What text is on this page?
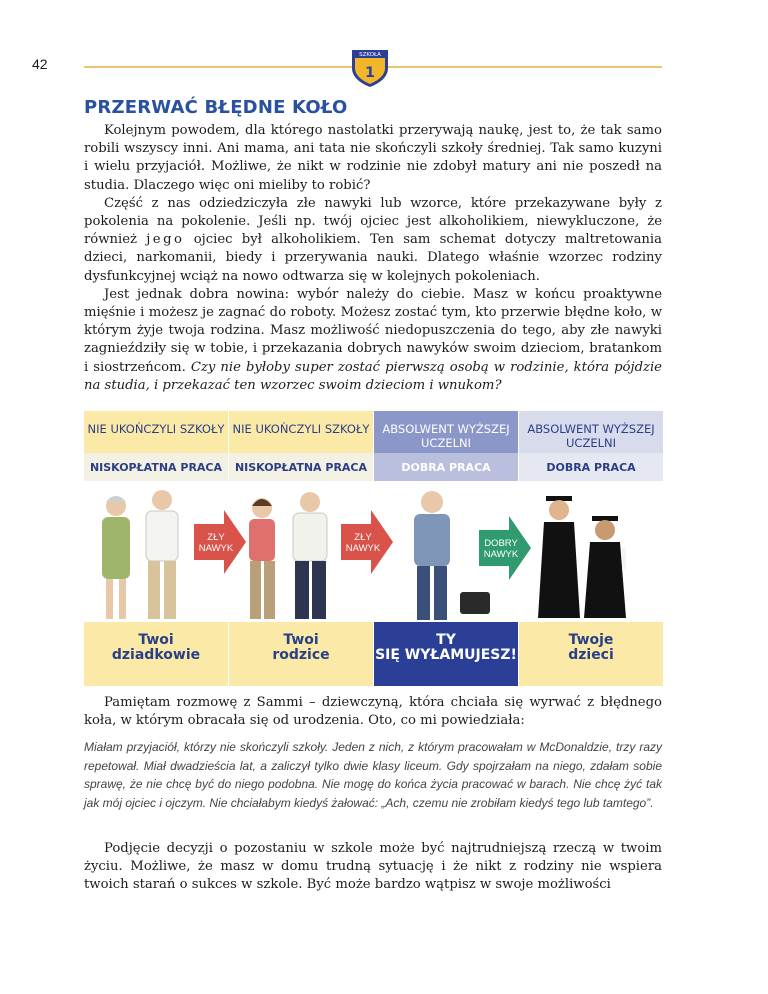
42
SZKOŁA
1
PRZERWAĆ BŁĘDNE KOŁO

Kolejnym powodem, dla którego nastolatki przerywają naukę, jest to, że tak samo robili wszyscy inni. Ani mama, ani tata nie skończyli szkoły średniej. Tak samo kuzyni i wielu przyjaciół. Możliwe, że nikt w rodzinie nie zdobył matury ani nie poszedł na studia. Dlaczego więc oni mieliby to robić?

Część z nas odziedziczyła złe nawyki lub wzorce, które przekazywane były z pokolenia na pokolenie. Jeśli np. twój ojciec jest alkoholikiem, niewykluczone, że również jego ojciec był alkoholikiem. Ten sam schemat dotyczy maltretowania dzieci, narkomanii, biedy i przerywania nauki. Dlatego właśnie wzorzec rodziny dysfunkcyjnej wciąż na nowo odtwarza się w kolejnych pokoleniach.

Jest jednak dobra nowina: wybór należy do ciebie. Masz w końcu proaktywne mięśnie i możesz je zagnać do roboty. Możesz zostać tym, kto przerwie błędne koło, w którym żyje twoja rodzina. Masz możliwość niedopuszczenia do tego, aby złe nawyki zagnieździły się w tobie, i przekazania dobrych nawyków swoim dzieciom, bratankom i siostrzeńcom. Czy nie byłoby super zostać pierwszą osobą w rodzinie, która pójdzie na studia, i przekazać ten wzorzec swoim dzieciom i wnukom?

NIE UKOŃCZYLI SZKOŁY
NISKOPŁATNA PRACA
Twoi
dziadkowie
NIE UKOŃCZYLI SZKOŁY
NISKOPŁATNA PRACA
Twoi
rodzice
ABSOLWENT WYŻSZEJ UCZELNI
DOBRA PRACA
TY
SIĘ WYŁAMUJESZ!
ABSOLWENT WYŻSZEJ UCZELNI
DOBRA PRACA
Twoje
dzieci
ZŁY
NAWYK
ZŁY
NAWYK	DOBRY
NAWYK

Pamiętam rozmowę z Sammi – dziewczyną, która chciała się wyrwać z błędnego koła, w którym obracała się od urodzenia. Oto, co mi powiedziała:

Miałam przyjaciół, którzy nie skończyli szkoły. Jeden z nich, z którym pracowałam w McDonaldzie, trzy razy repetował. Miał dwadzieścia lat, a zaliczył tylko dwie klasy liceum. Gdy spojrzałam na niego, zdałam sobie sprawę, że nie chcę być do niego podobna. Nie mogę do końca życia pracować w barach. Nie chcę żyć tak jak mój ojciec i ojczym. Nie chciałabym kiedyś żałować: „Ach, czemu nie zrobiłam kiedyś tego lub tamtego”.

Podjęcie decyzji o pozostaniu w szkole może być najtrudniejszą rzeczą w twoim życiu. Możliwe, że masz w domu trudną sytuację i że nikt z rodziny nie wspiera twoich starań o sukces w szkole. Być może bardzo wątpisz w swoje możliwości
